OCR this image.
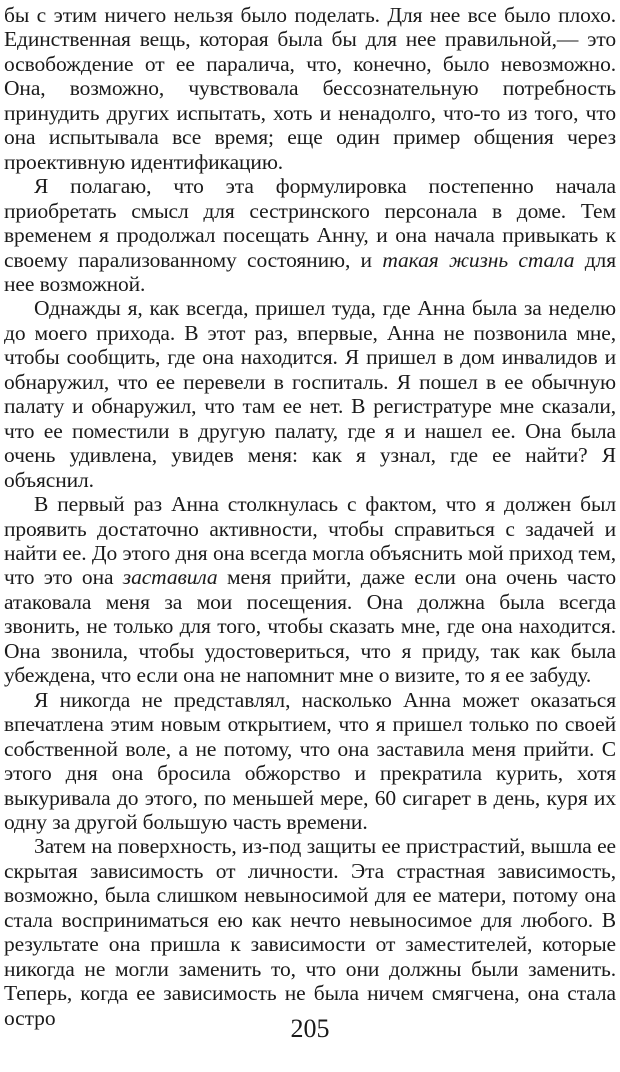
бы с этим ничего нельзя было поделать. Для нее все было плохо. Единственная вещь, которая была бы для нее правильной,— это освобождение от ее паралича, что, конечно, было невозможно. Она, возможно, чувствовала бессознательную потребность принудить других испытать, хоть и ненадолго, что-то из того, что она испытывала все время; еще один пример общения через проективную идентификацию.

Я полагаю, что эта формулировка постепенно начала приобретать смысл для сестринского персонала в доме. Тем временем я продолжал посещать Анну, и она начала привыкать к своему парализованному состоянию, и такая жизнь стала для нее возможной.

Однажды я, как всегда, пришел туда, где Анна была за неделю до моего прихода. В этот раз, впервые, Анна не позвонила мне, чтобы сообщить, где она находится. Я пришел в дом инвалидов и обнаружил, что ее перевели в госпиталь. Я пошел в ее обычную палату и обнаружил, что там ее нет. В регистратуре мне сказали, что ее поместили в другую палату, где я и нашел ее. Она была очень удивлена, увидев меня: как я узнал, где ее найти? Я объяснил.

В первый раз Анна столкнулась с фактом, что я должен был проявить достаточно активности, чтобы справиться с задачей и найти ее. До этого дня она всегда могла объяснить мой приход тем, что это она заставила меня прийти, даже если она очень часто атаковала меня за мои посещения. Она должна была всегда звонить, не только для того, чтобы сказать мне, где она находится. Она звонила, чтобы удостовериться, что я приду, так как была убеждена, что если она не напомнит мне о визите, то я ее забуду.

Я никогда не представлял, насколько Анна может оказаться впечатлена этим новым открытием, что я пришел только по своей собственной воле, а не потому, что она заставила меня прийти. С этого дня она бросила обжорство и прекратила курить, хотя выкуривала до этого, по меньшей мере, 60 сигарет в день, куря их одну за другой большую часть времени.

Затем на поверхность, из-под защиты ее пристрастий, вышла ее скрытая зависимость от личности. Эта страстная зависимость, возможно, была слишком невыносимой для ее матери, потому она стала восприниматься ею как нечто невыносимое для любого. В результате она пришла к зависимости от заместителей, которые никогда не могли заменить то, что они должны были заменить. Теперь, когда ее зависимость не была ничем смягчена, она стала остро	205
